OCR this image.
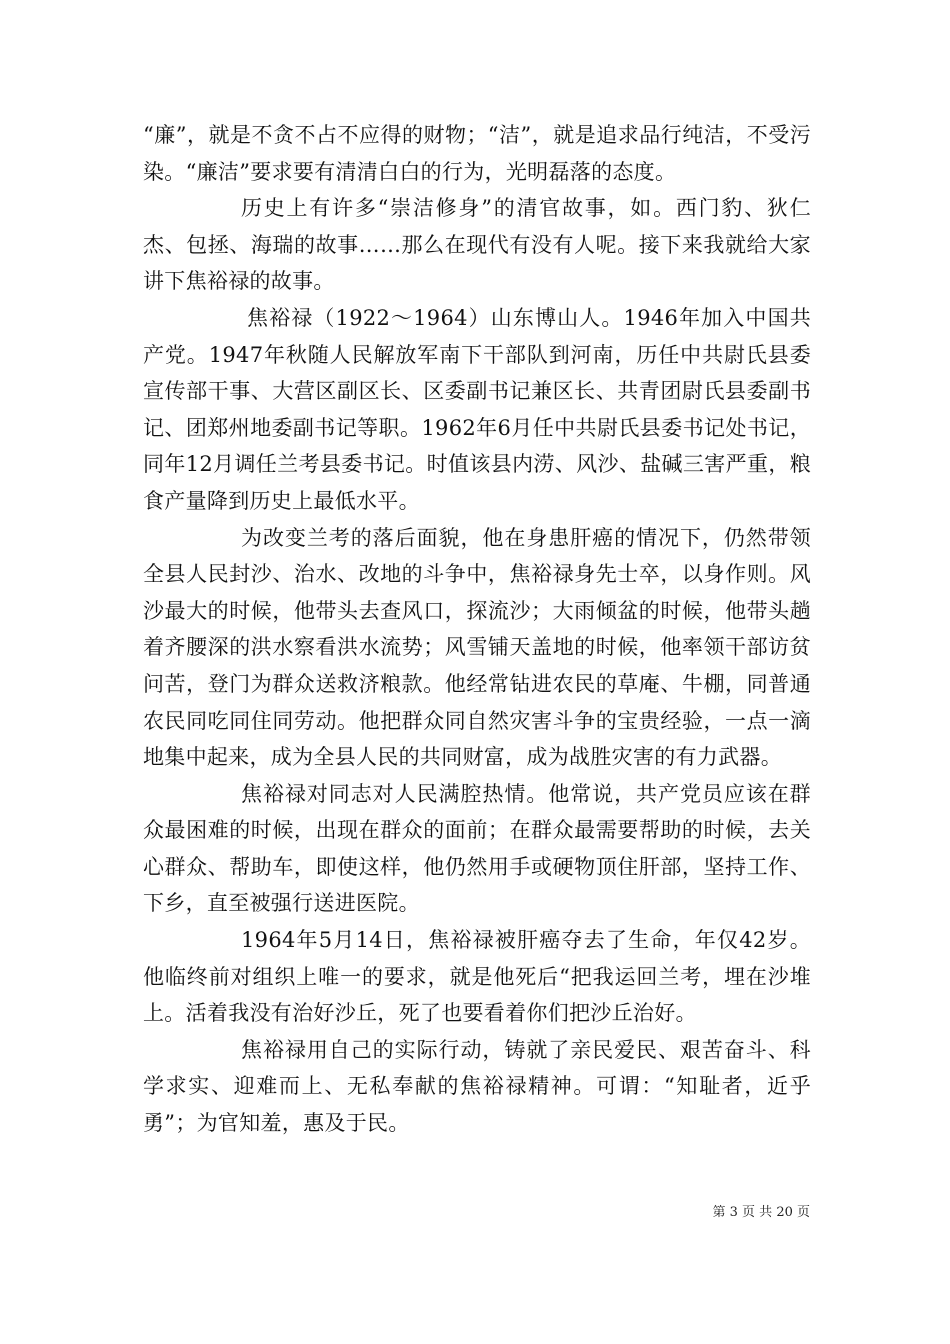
“廉”，就是不贪不占不应得的财物；“洁”，就是追求品行纯洁，不受污染。“廉洁”要求要有清清白白的行为，光明磊落的态度。

历史上有许多“崇洁修身”的清官故事，如。西门豹、狄仁杰、包拯、海瑞的故事……那么在现代有没有人呢。接下来我就给大家讲下焦裕禄的故事。

焦裕禄（1922～1964）山东博山人。1946年加入中国共产党。1947年秋随人民解放军南下干部队到河南，历任中共尉氏县委宣传部干事、大营区副区长、区委副书记兼区长、共青团尉氏县委副书记、团郑州地委副书记等职。1962年6月任中共尉氏县委书记处书记，同年12月调任兰考县委书记。时值该县内涝、风沙、盐碱三害严重，粮食产量降到历史上最低水平。

为改变兰考的落后面貌，他在身患肝癌的情况下，仍然带领全县人民封沙、治水、改地的斗争中，焦裕禄身先士卒，以身作则。风沙最大的时候，他带头去查风口，探流沙；大雨倾盆的时候，他带头趟着齐腰深的洪水察看洪水流势；风雪铺天盖地的时候，他率领干部访贫问苦，登门为群众送救济粮款。他经常钻进农民的草庵、牛棚，同普通农民同吃同住同劳动。他把群众同自然灾害斗争的宝贵经验，一点一滴地集中起来，成为全县人民的共同财富，成为战胜灾害的有力武器。

焦裕禄对同志对人民满腔热情。他常说，共产党员应该在群众最困难的时候，出现在群众的面前；在群众最需要帮助的时候，去关心群众、帮助车，即使这样，他仍然用手或硬物顶住肝部，坚持工作、下乡，直至被强行送进医院。

1964年5月14日，焦裕禄被肝癌夺去了生命，年仅42岁。他临终前对组织上唯一的要求，就是他死后“把我运回兰考，埋在沙堆上。活着我没有治好沙丘，死了也要看着你们把沙丘治好。

焦裕禄用自己的实际行动，铸就了亲民爱民、艰苦奋斗、科学求实、迎难而上、无私奉献的焦裕禄精神。可谓：“知耻者，近乎勇”；为官知羞，惠及于民。

第 3 页 共 20 页
